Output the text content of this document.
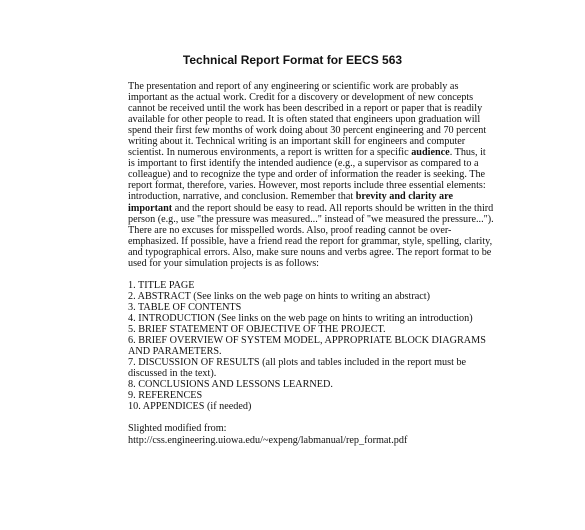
Technical Report Format for EECS 563
The presentation and report of any engineering or scientific work are probably as
important as the actual work. Credit for a discovery or development of new concepts
cannot be received until the work has been described in a report or paper that is readily
available for other people to read. It is often stated that engineers upon graduation will
spend their first few months of work doing about 30 percent engineering and 70 percent
writing about it. Technical writing is an important skill for engineers and computer
scientist. In numerous environments, a report is written for a specific audience. Thus, it
is important to first identify the intended audience (e.g., a supervisor as compared to a
colleague) and to recognize the type and order of information the reader is seeking. The
report format, therefore, varies. However, most reports include three essential elements:
introduction, narrative, and conclusion. Remember that brevity and clarity are
important and the report should be easy to read. All reports should be written in the third
person (e.g., use "the pressure was measured..." instead of "we measured the pressure...").
There are no excuses for misspelled words. Also, proof reading cannot be over-
emphasized. If possible, have a friend read the report for grammar, style, spelling, clarity,
and typographical errors. Also, make sure nouns and verbs agree. The report format to be
used for your simulation projects is as follows:
1. TITLE PAGE
2. ABSTRACT (See links on the web page on hints to writing an abstract)
3. TABLE OF CONTENTS
4. INTRODUCTION (See links on the web page on hints to writing an introduction)
5. BRIEF STATEMENT OF OBJECTIVE OF THE PROJECT.
6. BRIEF OVERVIEW OF SYSTEM MODEL, APPROPRIATE BLOCK DIAGRAMS
AND PARAMETERS.
7. DISCUSSION OF RESULTS (all plots and tables included in the report must be
discussed in the text).
8. CONCLUSIONS AND LESSONS LEARNED.
9. REFERENCES
10. APPENDICES (if needed)
Slighted modified from:
http://css.engineering.uiowa.edu/~expeng/labmanual/rep_format.pdf
